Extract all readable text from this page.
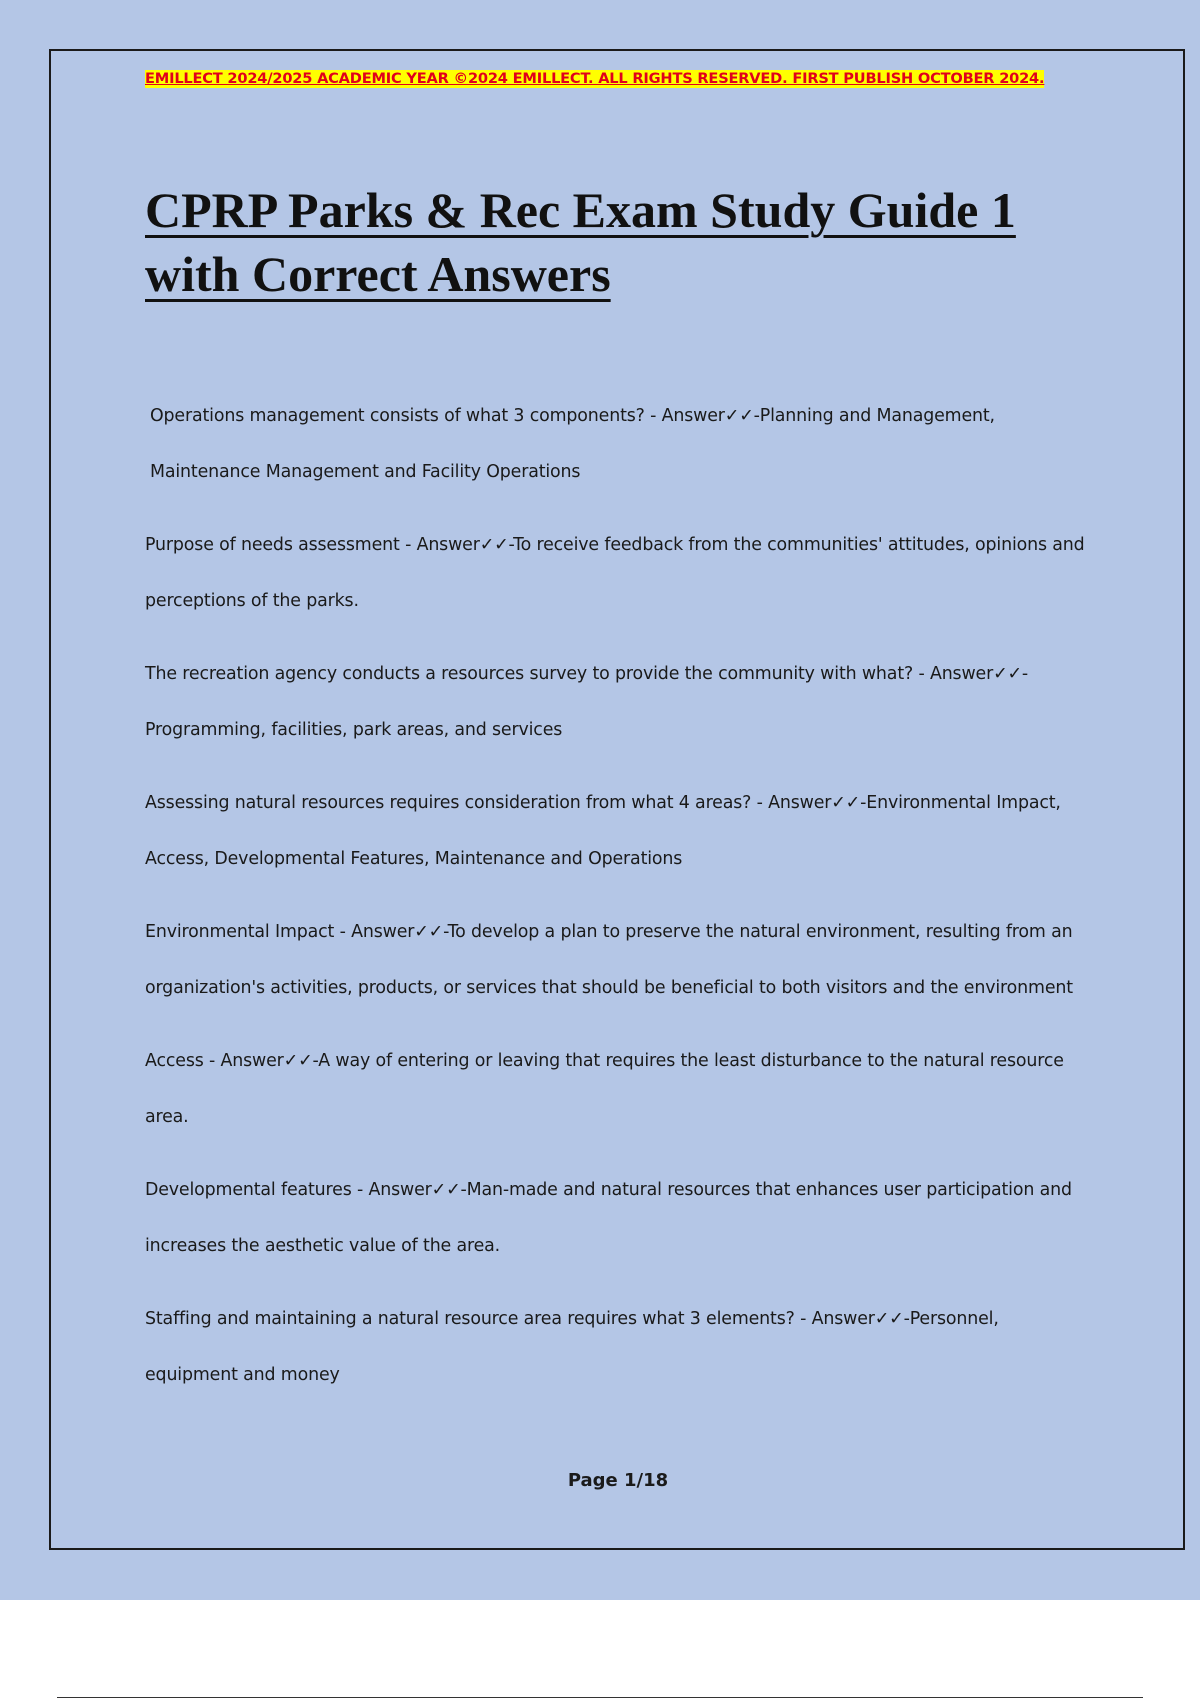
EMILLECT 2024/2025 ACADEMIC YEAR ©2024 EMILLECT. ALL RIGHTS RESERVED. FIRST PUBLISH OCTOBER 2024.
CPRP Parks & Rec Exam Study Guide 1 with Correct Answers

Operations management consists of what 3 components? - Answer✓✓-Planning and Management, Maintenance Management and Facility Operations

Purpose of needs assessment - Answer✓✓-To receive feedback from the communities' attitudes, opinions and perceptions of the parks.

The recreation agency conducts a resources survey to provide the community with what? - Answer✓✓-Programming, facilities, park areas, and services

Assessing natural resources requires consideration from what 4 areas? - Answer✓✓-Environmental Impact, Access, Developmental Features, Maintenance and Operations

Environmental Impact - Answer✓✓-To develop a plan to preserve the natural environment, resulting from an organization's activities, products, or services that should be beneficial to both visitors and the environment

Access - Answer✓✓-A way of entering or leaving that requires the least disturbance to the natural resource area.

Developmental features - Answer✓✓-Man-made and natural resources that enhances user participation and increases the aesthetic value of the area.

Staffing and maintaining a natural resource area requires what 3 elements? - Answer✓✓-Personnel, equipment and money

Page 1/18
